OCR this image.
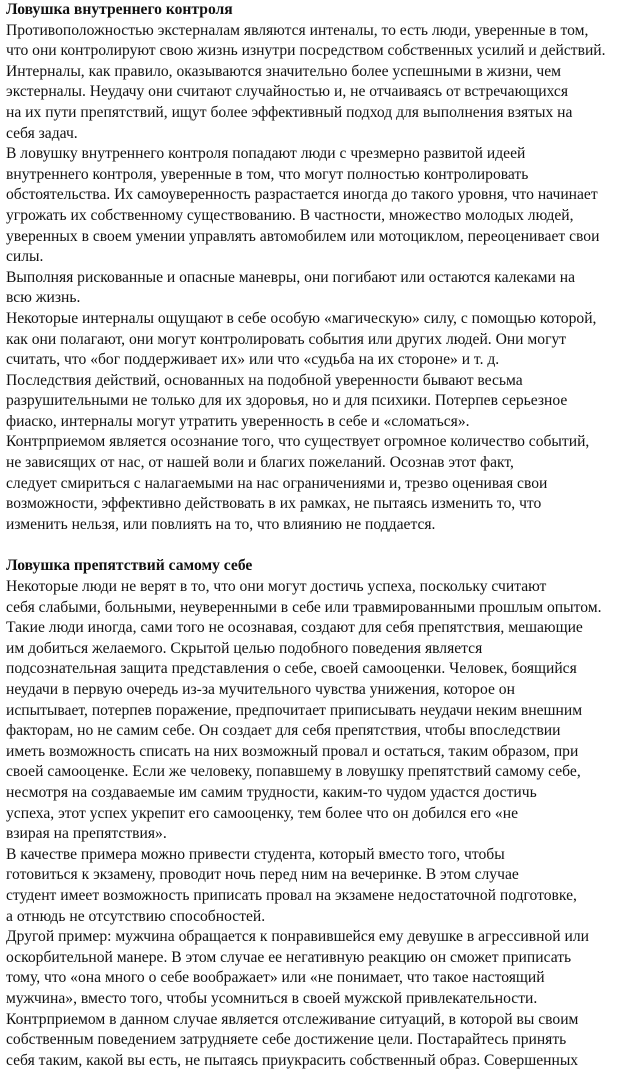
Ловушка внутреннего контроля
Противоположностью экстерналам являются интеналы, то есть люди, уверенные в том,
что они контролируют свою жизнь изнутри посредством собственных усилий и действий.
Интерналы, как правило, оказываются значительно более успешными в жизни, чем
экстерналы. Неудачу они считают случайностью и, не отчаиваясь от встречающихся
на их пути препятствий, ищут более эффективный подход для выполнения взятых на
себя задач.
В ловушку внутреннего контроля попадают люди с чрезмерно развитой идеей
внутреннего контроля, уверенные в том, что могут полностью контролировать
обстоятельства. Их самоуверенность разрастается иногда до такого уровня, что начинает
угрожать их собственному существованию. В частности, множество молодых людей,
уверенных в своем умении управлять автомобилем или мотоциклом, переоценивает свои
силы.
Выполняя рискованные и опасные маневры, они погибают или остаются калеками на
всю жизнь.
Некоторые интерналы ощущают в себе особую «магическую» силу, с помощью которой,
как они полагают, они могут контролировать события или других людей. Они могут
считать, что «бог поддерживает их» или что «судьба на их стороне» и т. д.
Последствия действий, основанных на подобной уверенности бывают весьма
разрушительными не только для их здоровья, но и для психики. Потерпев серьезное
фиаско, интерналы могут утратить уверенность в себе и «сломаться».
Контрприемом является осознание того, что существует огромное количество событий,
не зависящих от нас, от нашей воли и благих пожеланий. Осознав этот факт,
следует смириться с налагаемыми на нас ограничениями и, трезво оценивая свои
возможности, эффективно действовать в их рамках, не пытаясь изменить то, что
изменить нельзя, или повлиять на то, что влиянию не поддается.
Ловушка препятствий самому себе
Некоторые люди не верят в то, что они могут достичь успеха, поскольку считают
себя слабыми, больными, неуверенными в себе или травмированными прошлым опытом.
Такие люди иногда, сами того не осознавая, создают для себя препятствия, мешающие
им добиться желаемого. Скрытой целью подобного поведения является
подсознательная защита представления о себе, своей самооценки. Человек, боящийся
неудачи в первую очередь из-за мучительного чувства унижения, которое он
испытывает, потерпев поражение, предпочитает приписывать неудачи неким внешним
факторам, но не самим себе. Он создает для себя препятствия, чтобы впоследствии
иметь возможность списать на них возможный провал и остаться, таким образом, при
своей самооценке. Если же человеку, попавшему в ловушку препятствий самому себе,
несмотря на создаваемые им самим трудности, каким-то чудом удастся достичь
успеха, этот успех укрепит его самооценку, тем более что он добился его «не
взирая на препятствия».
В качестве примера можно привести студента, который вместо того, чтобы
готовиться к экзамену, проводит ночь перед ним на вечеринке. В этом случае
студент имеет возможность приписать провал на экзамене недостаточной подготовке,
а отнюдь не отсутствию способностей.
Другой пример: мужчина обращается к понравившейся ему девушке в агрессивной или
оскорбительной манере. В этом случае ее негативную реакцию он сможет приписать
тому, что «она много о себе воображает» или «не понимает, что такое настоящий
мужчина», вместо того, чтобы усомниться в своей мужской привлекательности.
Контрприемом в данном случае является отслеживание ситуаций, в которой вы своим
собственным поведением затрудняете себе достижение цели. Постарайтесь принять
себя таким, какой вы есть, не пытаясь приукрасить собственный образ. Совершенных
